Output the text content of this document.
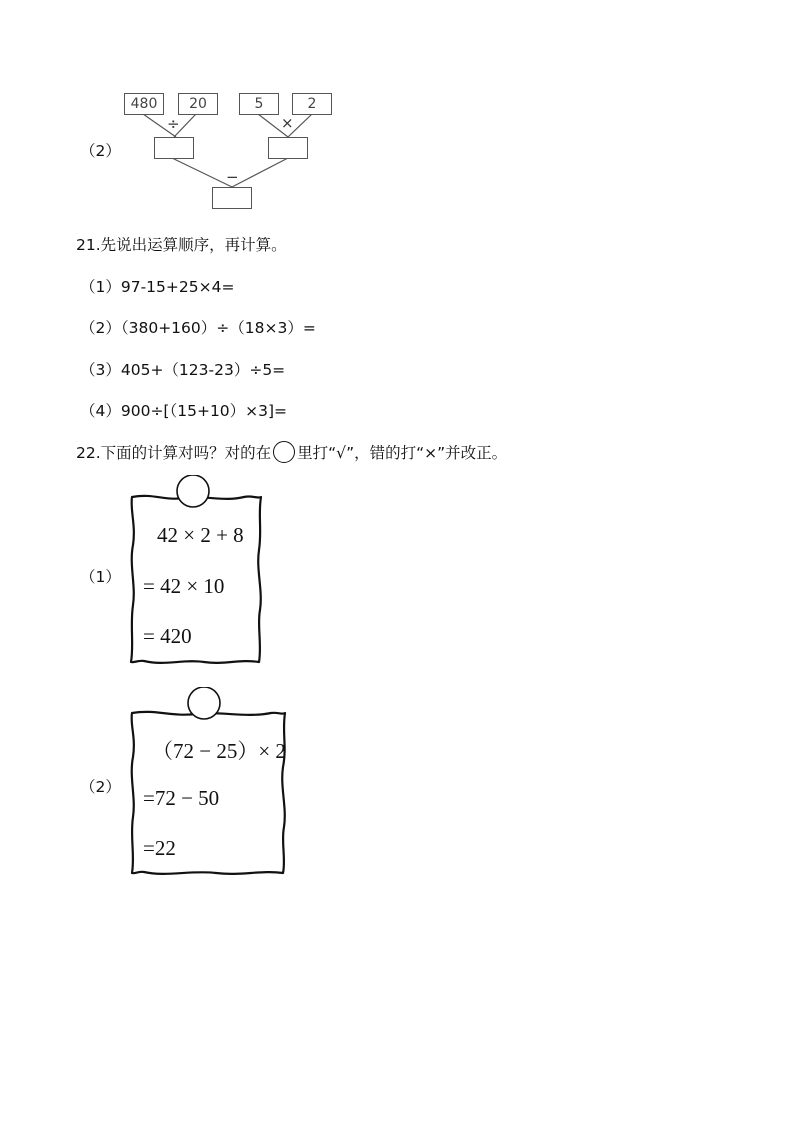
（2）
480	20	5	2
÷	×
−
21.先说出运算顺序，再计算。
（1）97-15+25×4=
（2）（380+160）÷（18×3）=
（3）405+（123-23）÷5=
（4）900÷[（15+10）×3]=
22.下面的计算对吗？对的在 里打“√”，错的打“×”并改正。
（1）
42 × 2 + 8
= 42 × 10
= 420
（2）
（72 − 25）× 2
=72 − 50
=22
